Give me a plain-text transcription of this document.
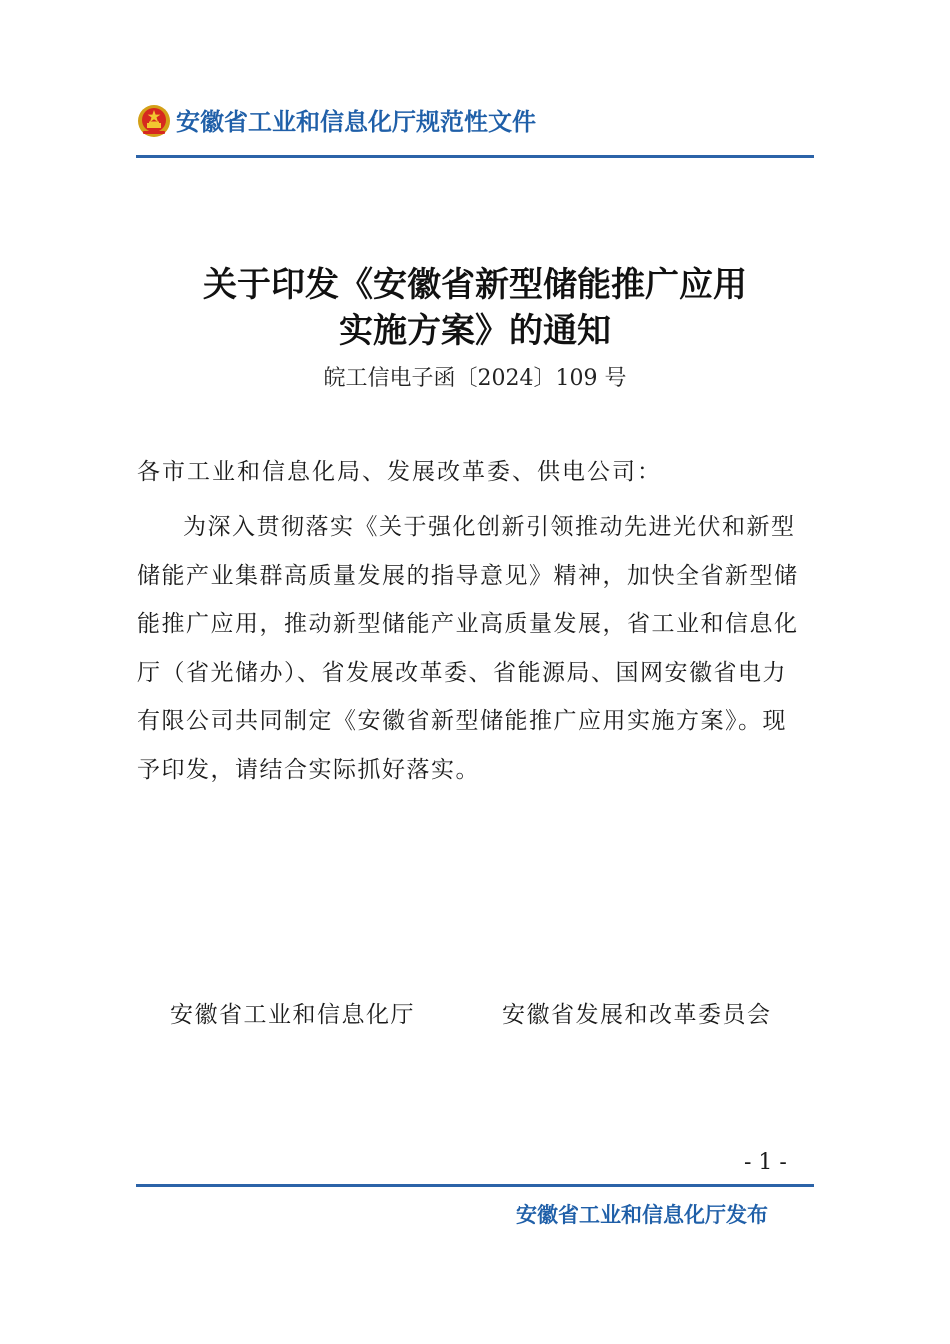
安徽省工业和信息化厅规范性文件
关于印发《安徽省新型储能推广应用
实施方案》的通知
皖工信电子函〔2024〕109 号

各市工业和信息化局、发展改革委、供电公司：

为深入贯彻落实《关于强化创新引领推动先进光伏和新型
储能产业集群高质量发展的指导意见》精神，加快全省新型储
能推广应用，推动新型储能产业高质量发展，省工业和信息化
厅（省光储办）、省发展改革委、省能源局、国网安徽省电力
有限公司共同制定《安徽省新型储能推广应用实施方案》。现
予印发，请结合实际抓好落实。

安徽省工业和信息化厅	安徽省发展和改革委员会
- 1 -
安徽省工业和信息化厅发布
